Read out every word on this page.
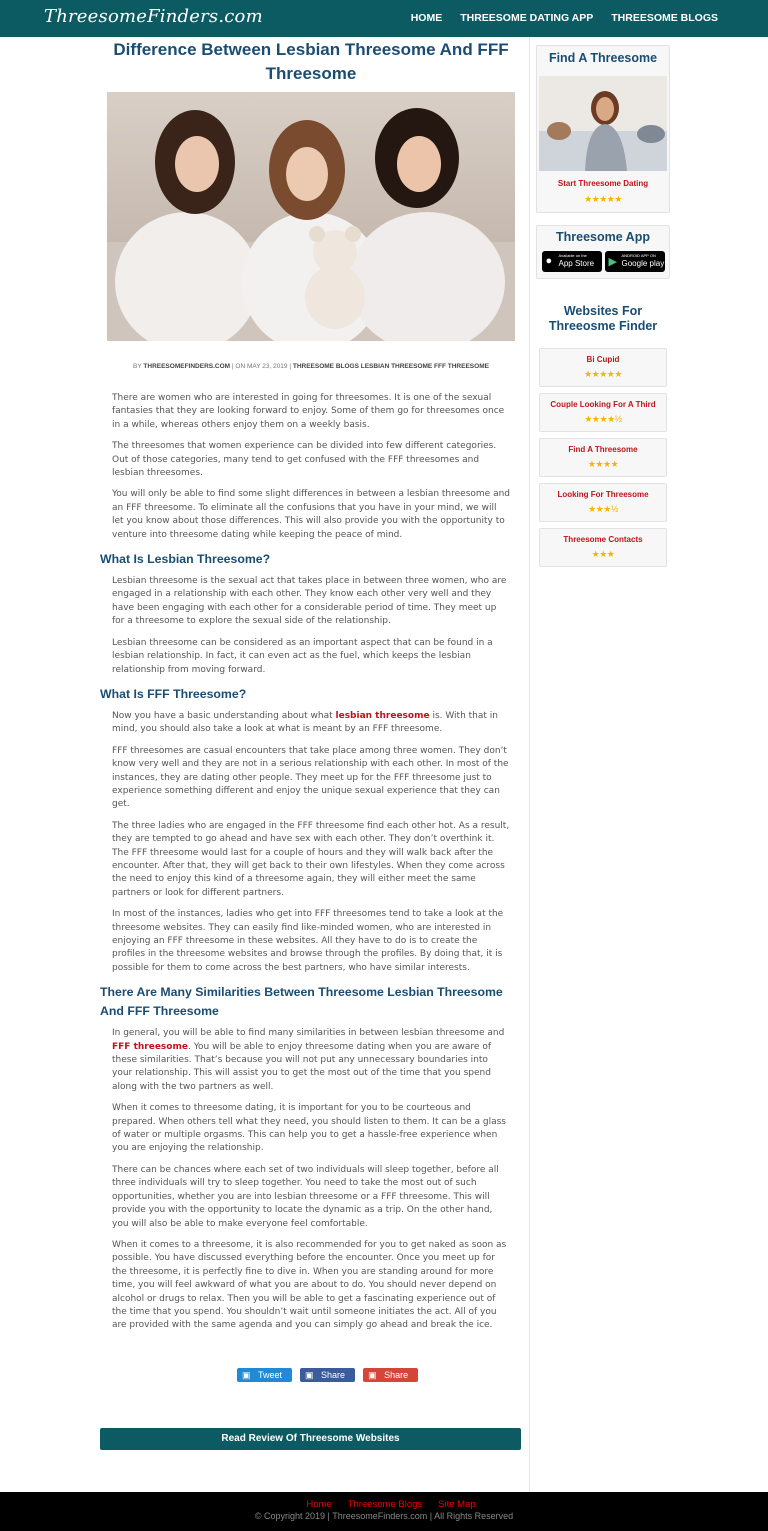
ThreesomeFinders.com	HOME THREESOME DATING APP THREESOME BLOGS
Difference Between Lesbian Threesome And FFF Threesome
BY THREESOMEFINDERS.COM | ON MAY 23, 2019 | THREESOME BLOGS LESBIAN THREESOME FFF THREESOME

There are women who are interested in going for threesomes. It is one of the sexual fantasies that they are looking forward to enjoy. Some of them go for threesomes once in a while, whereas others enjoy them on a weekly basis.

The threesomes that women experience can be divided into few different categories. Out of those categories, many tend to get confused with the FFF threesomes and lesbian threesomes.

You will only be able to find some slight differences in between a lesbian threesome and an FFF threesome. To eliminate all the confusions that you have in your mind, we will let you know about those differences. This will also provide you with the opportunity to venture into threesome dating while keeping the peace of mind.

What Is Lesbian Threesome?

Lesbian threesome is the sexual act that takes place in between three women, who are engaged in a relationship with each other. They know each other very well and they have been engaging with each other for a considerable period of time. They meet up for a threesome to explore the sexual side of the relationship.

Lesbian threesome can be considered as an important aspect that can be found in a lesbian relationship. In fact, it can even act as the fuel, which keeps the lesbian relationship from moving forward.

What Is FFF Threesome?

Now you have a basic understanding about what lesbian threesome is. With that in mind, you should also take a look at what is meant by an FFF threesome.

FFF threesomes are casual encounters that take place among three women. They don’t know very well and they are not in a serious relationship with each other. In most of the instances, they are dating other people. They meet up for the FFF threesome just to experience something different and enjoy the unique sexual experience that they can get.

The three ladies who are engaged in the FFF threesome find each other hot. As a result, they are tempted to go ahead and have sex with each other. They don’t overthink it. The FFF threesome would last for a couple of hours and they will walk back after the encounter. After that, they will get back to their own lifestyles. When they come across the need to enjoy this kind of a threesome again, they will either meet the same partners or look for different partners.

In most of the instances, ladies who get into FFF threesomes tend to take a look at the threesome websites. They can easily find like-minded women, who are interested in enjoying an FFF threesome in these websites. All they have to do is to create the profiles in the threesome websites and browse through the profiles. By doing that, it is possible for them to come across the best partners, who have similar interests.

There Are Many Similarities Between Threesome Lesbian Threesome And FFF Threesome

In general, you will be able to find many similarities in between lesbian threesome and FFF threesome. You will be able to enjoy threesome dating when you are aware of these similarities. That’s because you will not put any unnecessary boundaries into your relationship. This will assist you to get the most out of the time that you spend along with the two partners as well.

When it comes to threesome dating, it is important for you to be courteous and prepared. When others tell what they need, you should listen to them. It can be a glass of water or multiple orgasms. This can help you to get a hassle-free experience when you are enjoying the relationship.

There can be chances where each set of two individuals will sleep together, before all three individuals will try to sleep together. You need to take the most out of such opportunities, whether you are into lesbian threesome or a FFF threesome. This will provide you with the opportunity to locate the dynamic as a trip. On the other hand, you will also be able to make everyone feel comfortable.

When it comes to a threesome, it is also recommended for you to get naked as soon as possible. You have discussed everything before the encounter. Once you meet up for the threesome, it is perfectly fine to dive in. When you are standing around for more time, you will feel awkward of what you are about to do. You should never depend on alcohol or drugs to relax. Then you will be able to get a fascinating experience out of the time that you spend. You shouldn’t wait until someone initiates the act. All of you are provided with the same agenda and you can simply go ahead and break the ice.

▣ Tweet	▣ Share	▣ Share
Read Review Of Threesome Websites
Find A Threesome
Start Threesome Dating
★★★★★
Threesome App
● Available on the
App Store ▶
ANDROID APP ON
Google play
Websites For Threeosme Finder
Bi Cupid
★★★★★
Couple Looking For A Third
★★★★½
Find A Threesome
★★★★
Looking For Threesome
★★★½
Threesome Contacts
★★★
Home Threesome Blogs Site Map
© Copyright 2019 | ThreesomeFinders.com | All Rights Reserved
